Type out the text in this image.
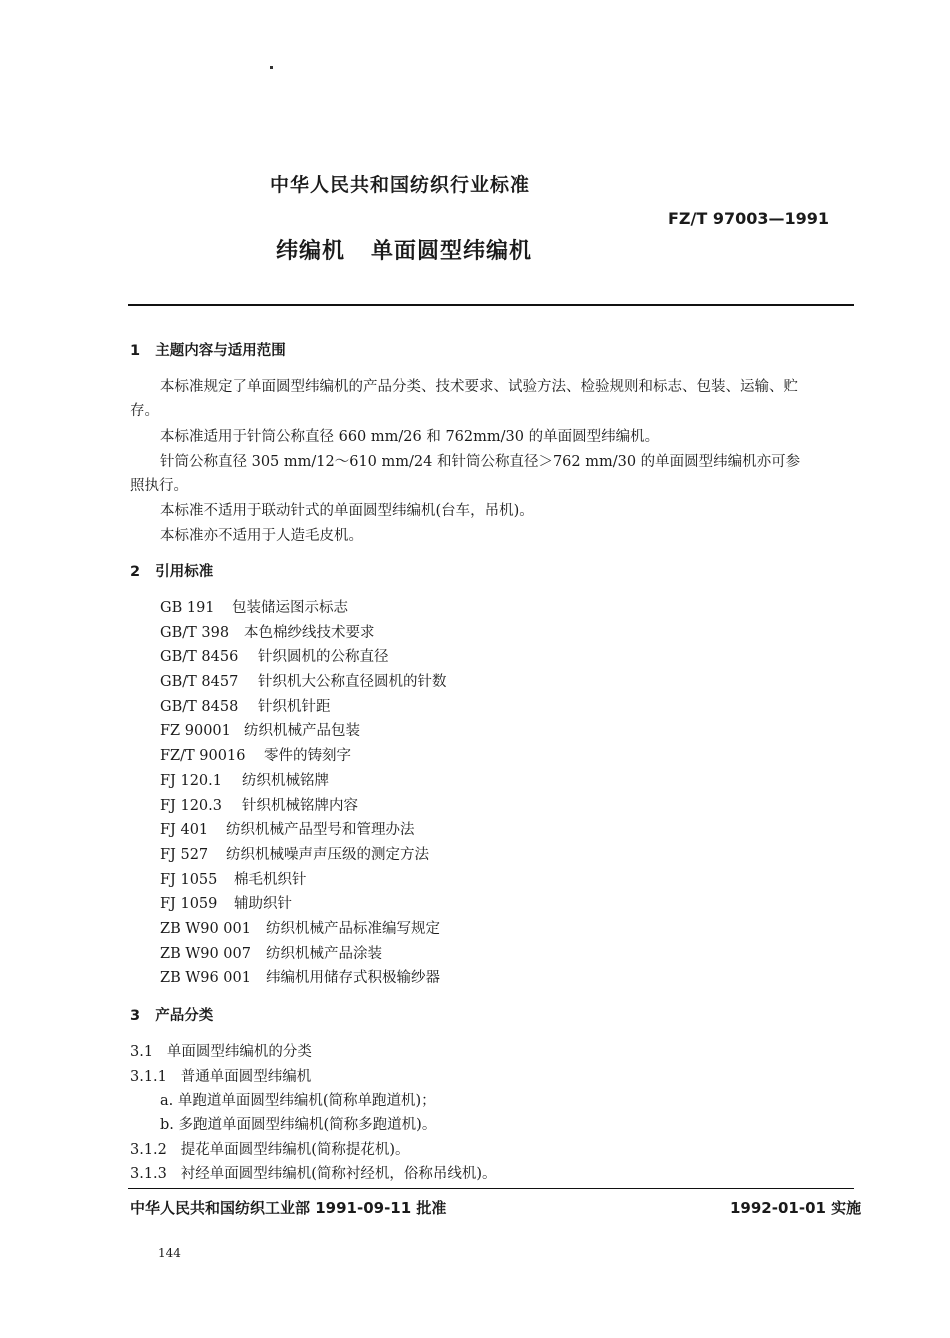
中华人民共和国纺织行业标准
FZ/T 97003—1991
纬编机   单面圆型纬编机
1   主题内容与适用范围
本标准规定了单面圆型纬编机的产品分类、技术要求、试验方法、检验规则和标志、包装、运输、贮
存。
本标准适用于针筒公称直径 660 mm/26 和 762mm/30 的单面圆型纬编机。
针筒公称直径 305 mm/12～610 mm/24 和针筒公称直径＞762 mm/30 的单面圆型纬编机亦可参
照执行。
本标准不适用于联动针式的单面圆型纬编机(台车，吊机)。
本标准亦不适用于人造毛皮机。
2   引用标准
GB 191 包装储运图示标志
GB/T 398 本色棉纱线技术要求
GB/T 8456 针织圆机的公称直径
GB/T 8457 针织机大公称直径圆机的针数
GB/T 8458 针织机针距
FZ 90001 纺织机械产品包装
FZ/T 90016 零件的铸刻字
FJ 120.1 纺织机械铭牌
FJ 120.3 针织机械铭牌内容
FJ 401 纺织机械产品型号和管理办法
FJ 527 纺织机械噪声声压级的测定方法
FJ 1055 棉毛机织针
FJ 1059 辅助织针
ZB W90 001 纺织机械产品标准编写规定
ZB W90 007 纺织机械产品涂装
ZB W96 001 纬编机用储存式积极输纱器
3   产品分类
3.1   单面圆型纬编机的分类
3.1.1   普通单面圆型纬编机
a. 单跑道单面圆型纬编机(简称单跑道机)；
b. 多跑道单面圆型纬编机(简称多跑道机)。
3.1.2   提花单面圆型纬编机(简称提花机)。
3.1.3   衬经单面圆型纬编机(简称衬经机，俗称吊线机)。
中华人民共和国纺织工业部 1991-09-11 批准	1992-01-01 实施
144
